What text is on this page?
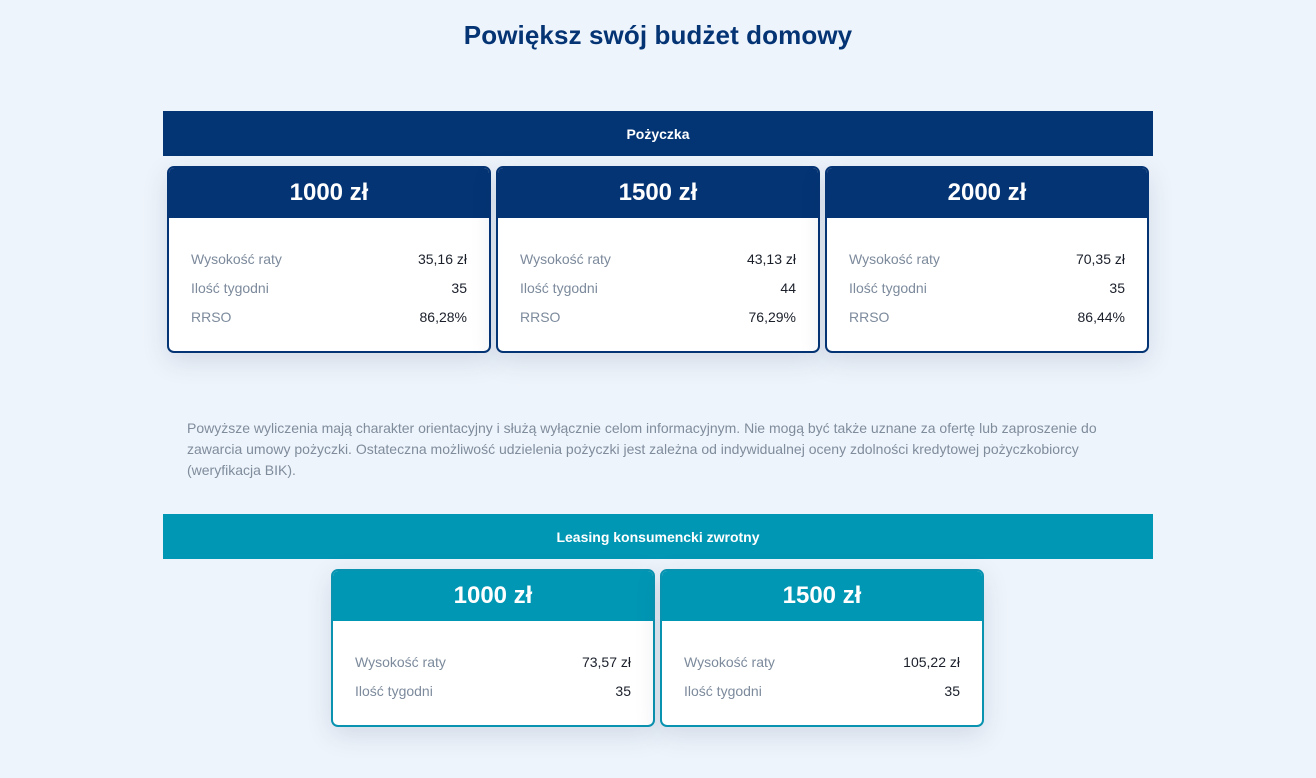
Powiększ swój budżet domowy
Pożyczka
1000 zł
Wysokość raty	35,16 zł
Ilość tygodni	35
RRSO	86,28%
1500 zł
Wysokość raty	43,13 zł
Ilość tygodni	44
RRSO	76,29%
2000 zł
Wysokość raty	70,35 zł
Ilość tygodni	35
RRSO	86,44%

Powyższe wyliczenia mają charakter orientacyjny i służą wyłącznie celom informacyjnym. Nie mogą być także uznane za ofertę lub zaproszenie do zawarcia umowy pożyczki. Ostateczna możliwość udzielenia pożyczki jest zależna od indywidualnej oceny zdolności kredytowej pożyczkobiorcy (weryfikacja BIK).

Leasing konsumencki zwrotny
1000 zł
Wysokość raty	73,57 zł
Ilość tygodni	35
1500 zł
Wysokość raty	105,22 zł
Ilość tygodni	35
